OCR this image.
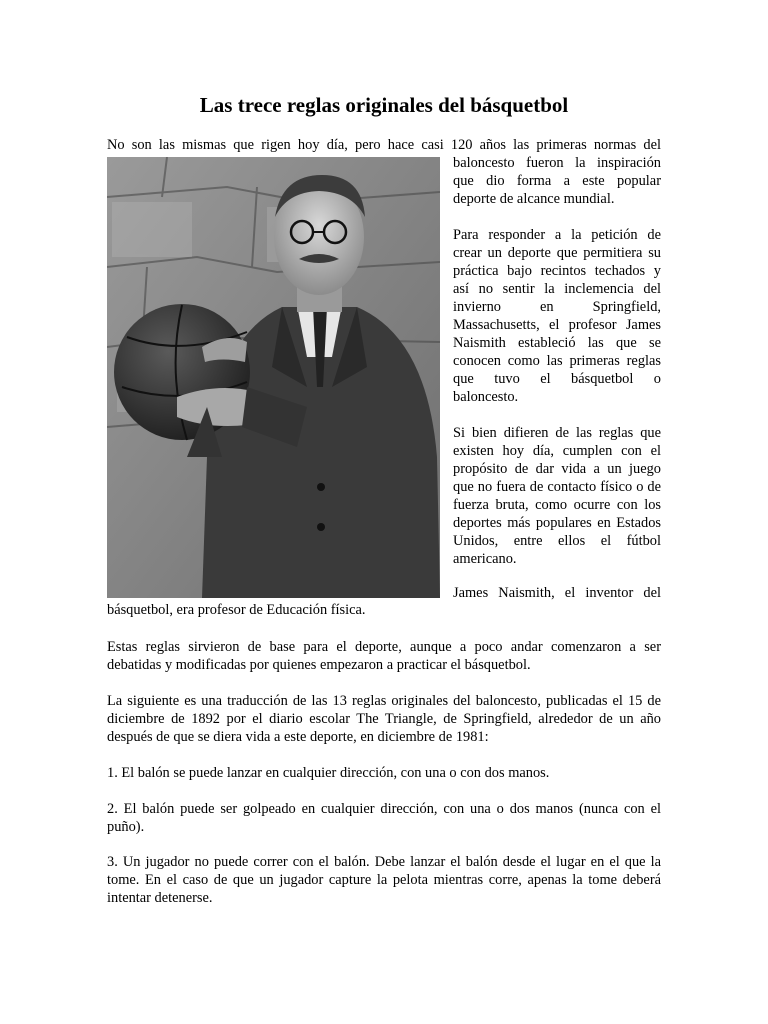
Las trece reglas originales del básquetbol
No son las mismas que rigen hoy día, pero hace casi 120 años las primeras normas del
baloncesto fueron la inspiración
que dio forma a este popular
deporte de alcance mundial.
Para responder a la petición de
crear un deporte que permitiera su
práctica bajo recintos techados y
así no sentir la inclemencia del
invierno en Springfield,
Massachusetts, el profesor James
Naismith estableció las que se
conocen como las primeras reglas
que tuvo el básquetbol o
baloncesto.
Si bien difieren de las reglas que
existen hoy día, cumplen con el
propósito de dar vida a un juego
que no fuera de contacto físico o de
fuerza bruta, como ocurre con los
deportes más populares en Estados
Unidos, entre ellos el fútbol
americano.
James Naismith, el inventor del
básquetbol, era profesor de Educación física.
Estas reglas sirvieron de base para el deporte, aunque a poco andar comenzaron a ser
debatidas y modificadas por quienes empezaron a practicar el básquetbol.
La siguiente es una traducción de las 13 reglas originales del baloncesto, publicadas el 15 de
diciembre de 1892 por el diario escolar The Triangle, de Springfield, alrededor de un año
después de que se diera vida a este deporte, en diciembre de 1981:
1. El balón se puede lanzar en cualquier dirección, con una o con dos manos.
2. El balón puede ser golpeado en cualquier dirección, con una o dos manos (nunca con el
puño).
3. Un jugador no puede correr con el balón. Debe lanzar el balón desde el lugar en el que la
tome. En el caso de que un jugador capture la pelota mientras corre, apenas la tome deberá
intentar detenerse.
